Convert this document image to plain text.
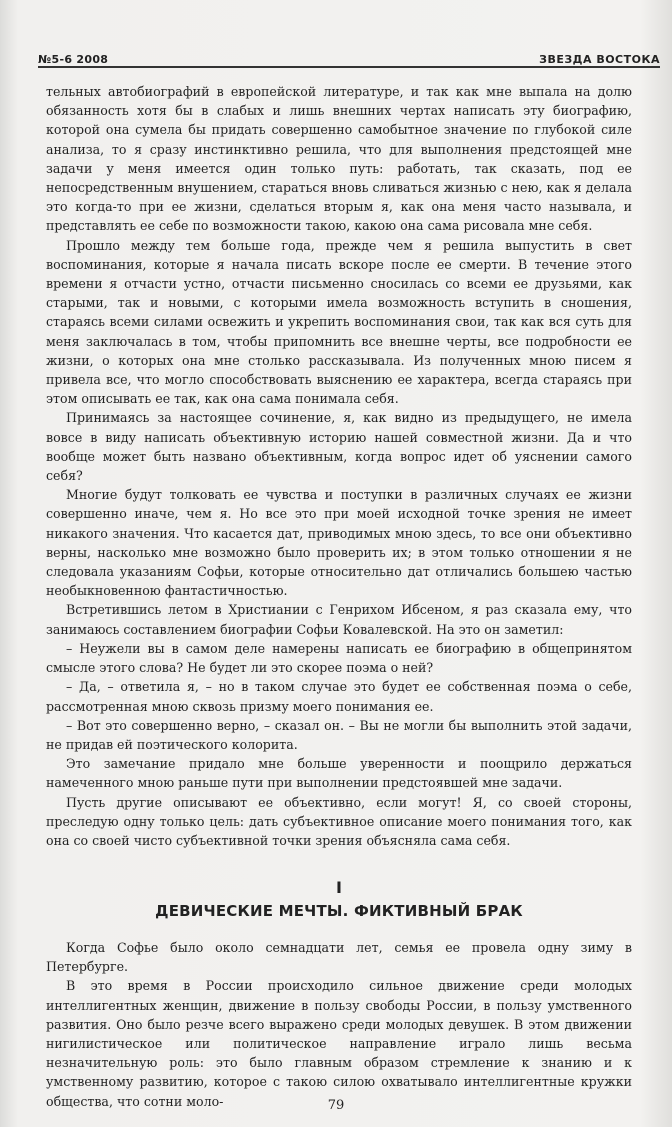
№5-6 2008	ЗВЕЗДА ВОСТОКА

тельных автобиографий в европейской литературе, и так как мне выпала на долю обязанность хотя бы в слабых и лишь внешних чертах написать эту биографию, которой она сумела бы придать совершенно самобытное значение по глубокой силе анализа, то я сразу инстинктивно решила, что для выполнения предстоящей мне задачи у меня имеется один только путь: работать, так сказать, под ее непосредственным внушением, стараться вновь сливаться жизнью с нею, как я делала это когда-то при ее жизни, сделаться вторым я, как она меня часто называла, и представлять ее себе по возможности такою, какою она сама рисовала мне себя.

Прошло между тем больше года, прежде чем я решила выпустить в свет воспоминания, которые я начала писать вскоре после ее смерти. В течение этого времени я отчасти устно, отчасти письменно сносилась со всеми ее друзьями, как старыми, так и новыми, с которыми имела возможность вступить в сношения, стараясь всеми силами освежить и укрепить воспоминания свои, так как вся суть для меня заключалась в том, чтобы припомнить все внешне черты, все подробности ее жизни, о которых она мне столько рассказывала. Из полученных мною писем я привела все, что могло способствовать выяснению ее характера, всегда стараясь при этом описывать ее так, как она сама понимала себя.

Принимаясь за настоящее сочинение, я, как видно из предыдущего, не имела вовсе в виду написать объективную историю нашей совместной жизни. Да и что вообще может быть названо объективным, когда вопрос идет об уяснении самого себя?

Многие будут толковать ее чувства и поступки в различных случаях ее жизни совершенно иначе, чем я. Но все это при моей исходной точке зрения не имеет никакого значения. Что касается дат, приводимых мною здесь, то все они объективно верны, насколько мне возможно было проверить их; в этом только отношении я не следовала указаниям Софьи, которые относительно дат отличались большею частью необыкновенною фантастичностью.

Встретившись летом в Христиании с Генрихом Ибсеном, я раз сказала ему, что занимаюсь составлением биографии Софьи Ковалевской. На это он заметил:

– Неужели вы в самом деле намерены написать ее биографию в общепринятом смысле этого слова? Не будет ли это скорее поэма о ней?

– Да, – ответила я, – но в таком случае это будет ее собственная поэма о себе, рассмотренная мною сквозь призму моего понимания ее.

– Вот это совершенно верно, – сказал он. – Вы не могли бы выполнить этой задачи, не придав ей поэтического колорита.

Это замечание придало мне больше уверенности и поощрило держаться намеченного мною раньше пути при выполнении предстоявшей мне задачи.

Пусть другие описывают ее объективно, если могут! Я, со своей стороны, преследую одну только цель: дать субъективное описание моего понимания того, как она со своей чисто субъективной точки зрения объясняла сама себя.

I
ДЕВИЧЕСКИЕ МЕЧТЫ. ФИКТИВНЫЙ БРАК

Когда Софье было около семнадцати лет, семья ее провела одну зиму в Петербурге.

В это время в России происходило сильное движение среди молодых интеллигентных женщин, движение в пользу свободы России, в пользу умственного развития. Оно было резче всего выражено среди молодых девушек. В этом движении нигилистическое или политическое направление играло лишь весьма незначительную роль: это было главным образом стремление к знанию и к умственному развитию, которое с такою силою охватывало интеллигентные кружки общества, что сотни моло-	79
